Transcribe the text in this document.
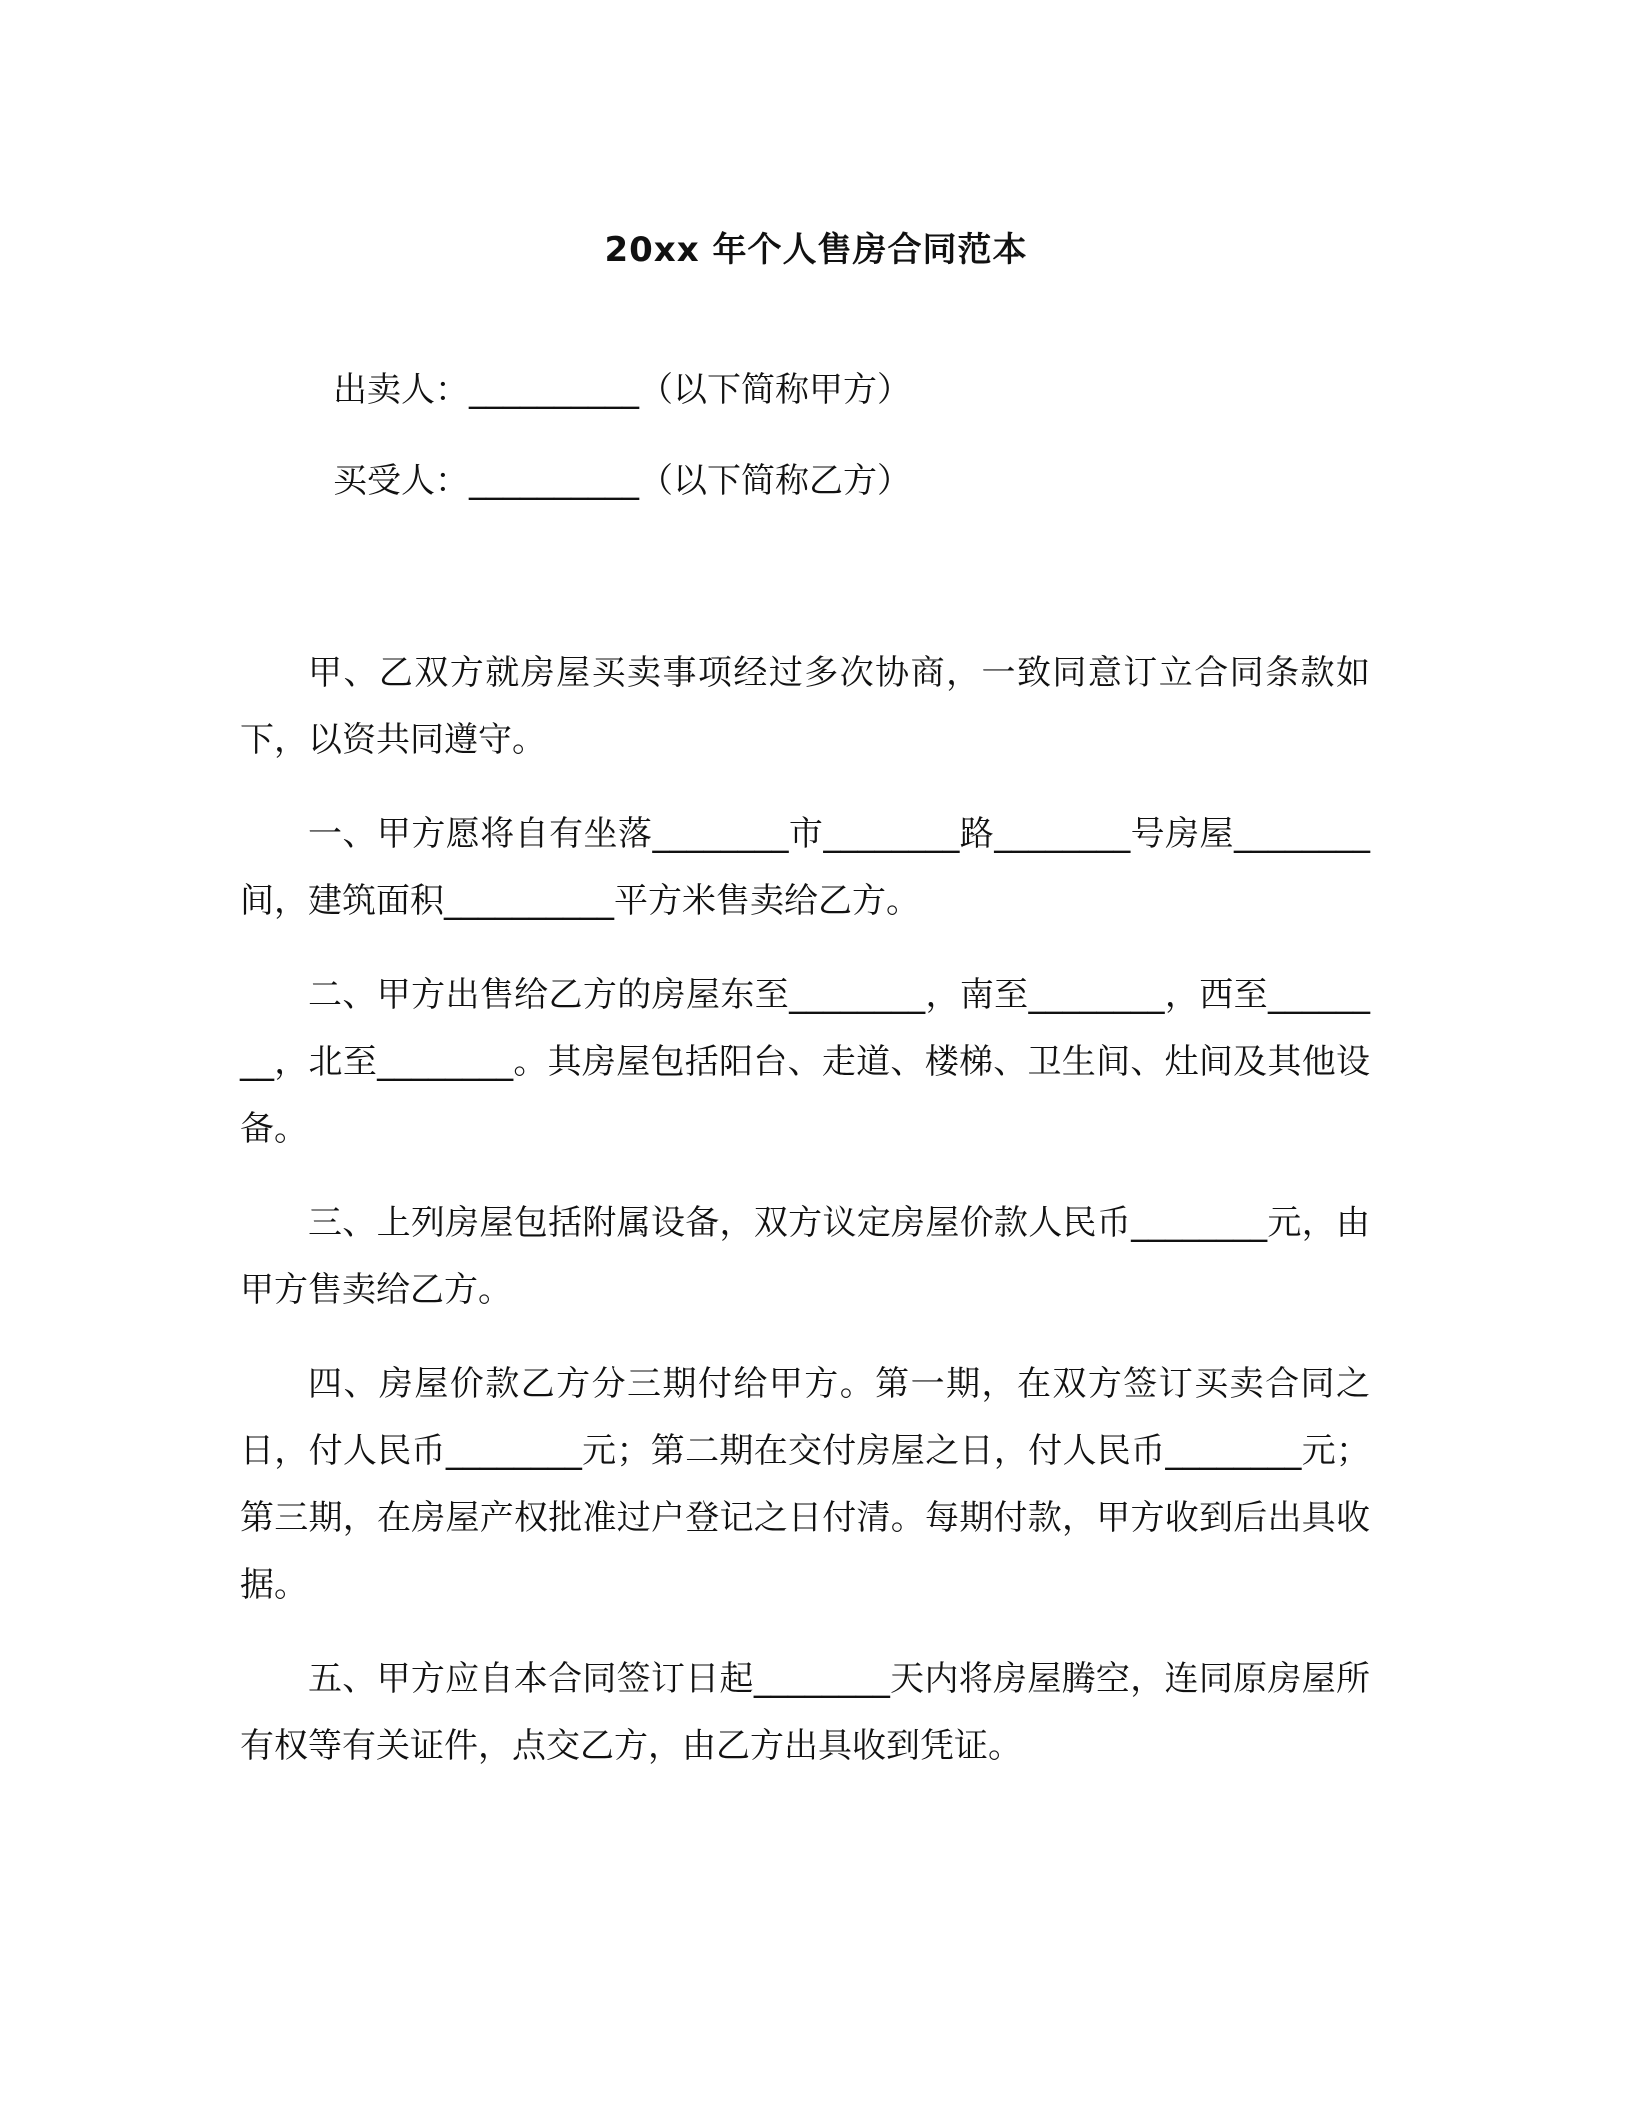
20xx 年个人售房合同范本
出卖人：__________（以下简称甲方）
买受人：__________（以下简称乙方）

甲、乙双方就房屋买卖事项经过多次协商，一致同意订立合同条款如下，以资共同遵守。

一、甲方愿将自有坐落________市________路________号房屋________间，建筑面积__________平方米售卖给乙方。

二、甲方出售给乙方的房屋东至________，南至________，西至________，北至________。其房屋包括阳台、走道、楼梯、卫生间、灶间及其他设备。

三、上列房屋包括附属设备，双方议定房屋价款人民币________元，由甲方售卖给乙方。

四、房屋价款乙方分三期付给甲方。第一期，在双方签订买卖合同之日，付人民币________元；第二期在交付房屋之日，付人民币________元；第三期，在房屋产权批准过户登记之日付清。每期付款，甲方收到后出具收据。

五、甲方应自本合同签订日起________天内将房屋腾空，连同原房屋所有权等有关证件，点交乙方，由乙方出具收到凭证。
